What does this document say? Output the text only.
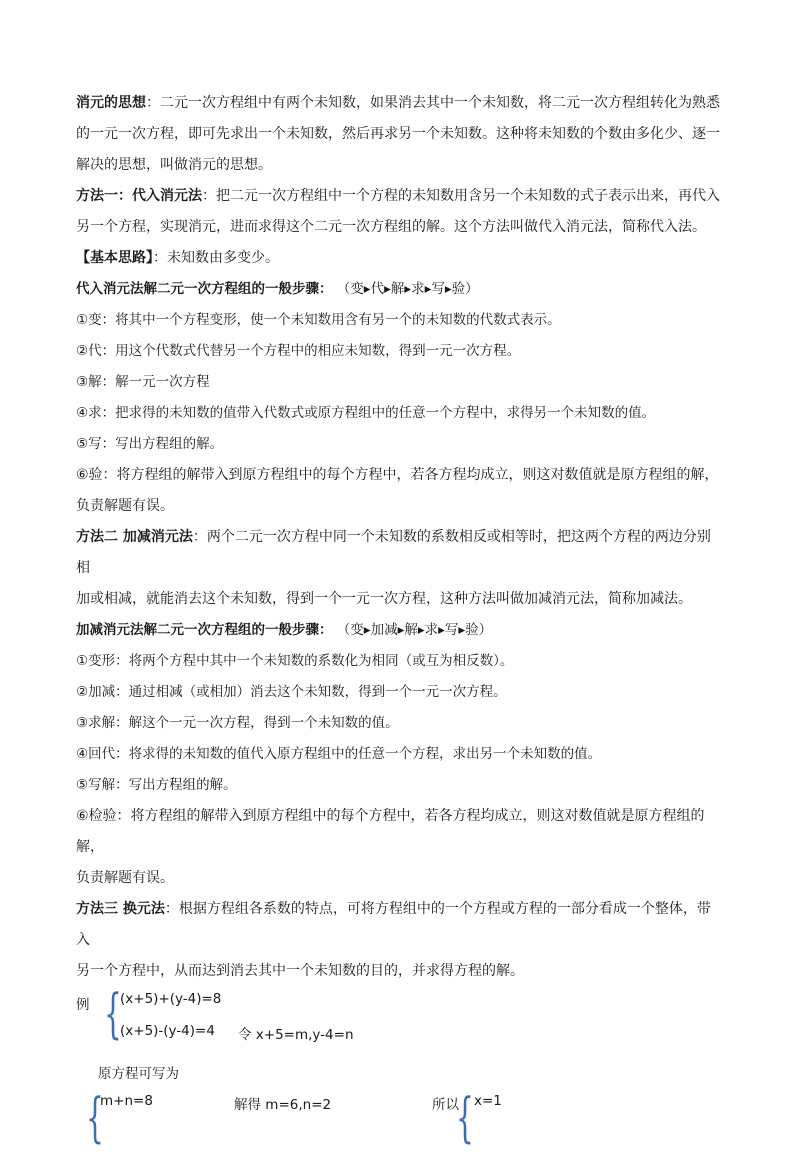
消元的思想：二元一次方程组中有两个未知数，如果消去其中一个未知数，将二元一次方程组转化为熟悉
的一元一次方程，即可先求出一个未知数，然后再求另一个未知数。这种将未知数的个数由多化少、逐一
解决的思想，叫做消元的思想。

方法一：代入消元法：把二元一次方程组中一个方程的未知数用含另一个未知数的式子表示出来，再代入
另一个方程，实现消元，进而求得这个二元一次方程组的解。这个方法叫做代入消元法，简称代入法。

【基本思路】：未知数由多变少。

代入消元法解二元一次方程组的一般步骤： （变▸代▸解▸求▸写▸验）

①变：将其中一个方程变形，使一个未知数用含有另一个的未知数的代数式表示。

②代：用这个代数式代替另一个方程中的相应未知数，得到一元一次方程。

③解：解一元一次方程

④求：把求得的未知数的值带入代数式或原方程组中的任意一个方程中，求得另一个未知数的值。

⑤写：写出方程组的解。

⑥验：将方程组的解带入到原方程组中的每个方程中，若各方程均成立，则这对数值就是原方程组的解，

负责解题有误。

方法二 加减消元法：两个二元一次方程中同一个未知数的系数相反或相等时，把这两个方程的两边分别相
加或相减，就能消去这个未知数，得到一个一元一次方程，这种方法叫做加减消元法，简称加减法。

加减消元法解二元一次方程组的一般步骤： （变▸加减▸解▸求▸写▸验）

①变形：将两个方程中其中一个未知数的系数化为相同（或互为相反数）。

②加减：通过相减（或相加）消去这个未知数，得到一个一元一次方程。

③求解：解这个一元一次方程，得到一个未知数的值。

④回代：将求得的未知数的值代入原方程组中的任意一个方程，求出另一个未知数的值。

⑤写解：写出方程组的解。

⑥检验：将方程组的解带入到原方程组中的每个方程中，若各方程均成立，则这对数值就是原方程组的解，

负责解题有误。

方法三 换元法：根据方程组各系数的特点，可将方程组中的一个方程或方程的一部分看成一个整体，带入
另一个方程中，从而达到消去其中一个未知数的目的，并求得方程的解。

例 {
(x+5)+(y-4)=8
(x+5)-(y-4)=4 令 x+5=m,y-4=n
原方程可写为
{
m+n=8	解得 m=6,n=2	所以
{ x=1
